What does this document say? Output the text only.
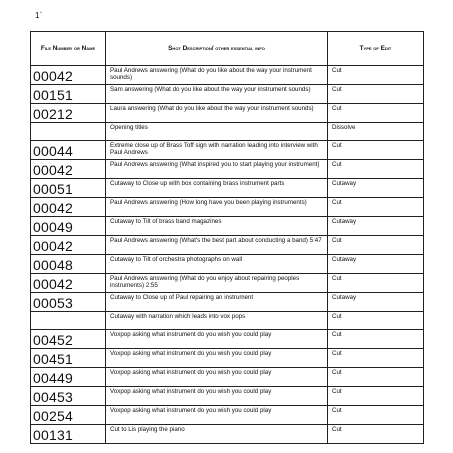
1`
File Number or Name	Shot Description/ other essential info	Type of Edit
00042	Paul Andrews answering (What do you like about the way your instrument sounds)	Cut
00151	Sam answering (What do you like about the way your instrument sounds)	Cut
00212	Laura answering (What do you like about the way your instrument sounds)	Cut
	Opening titles	Dissolve
00044	Extreme close up of Brass Toff sign with narration leading into interview with Paul Andrews	Cut
00042	Paul Andrews answering (What inspired you to start playing your instrument)	Cut
00051	Cutaway to Close up with box containing brass instrument parts	Cutaway
00042	Paul Andrews answering (How long have you been playing instruments)	Cut
00049	Cutaway to Tilt of brass band magazines	Cutaway
00042	Paul Andrews answering (What's the best part about conducting a band) 5:47	Cut
00048	Cutaway to Tilt of orchestra photographs on wall	Cutaway
00042	Paul Andrews answering (What do you enjoy about repairing peoples instruments) 2:55	Cut
00053	Cutaway to Close up of Paul repairing an instrument	Cutaway
	Cutaway with narration which leads into vox pops	Cut
00452	Voxpop asking what instrument do you wish you could play	Cut
00451	Voxpop asking what instrument do you wish you could play	Cut
00449	Voxpop asking what instrument do you wish you could play	Cut
00453	Voxpop asking what instrument do you wish you could play	Cut
00254	Voxpop asking what instrument do you wish you could play	Cut
00131	Cut to Lis playing the piano	Cut
